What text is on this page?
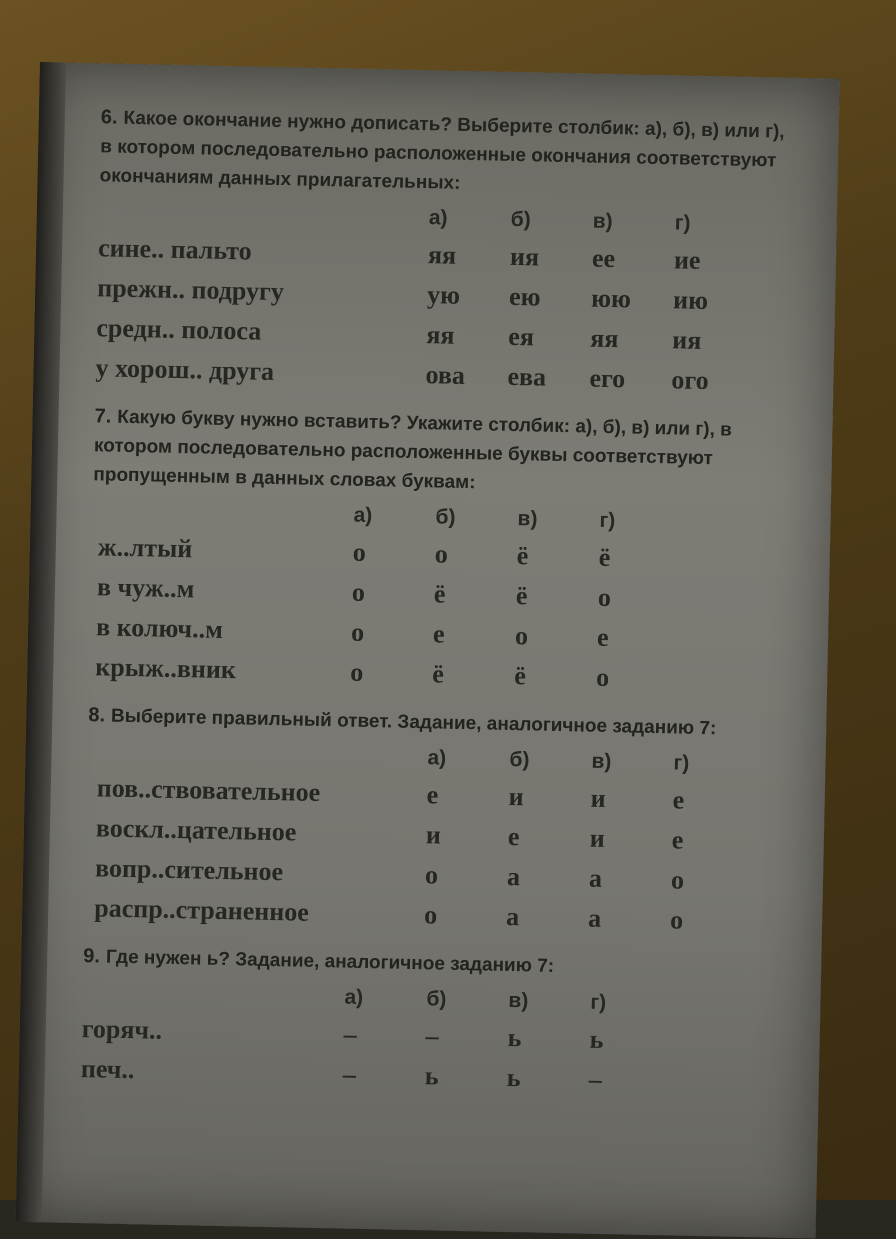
6. Какое окончание нужно дописать? Выберите столбик: а), б), в) или г), в котором последовательно расположенные окончания соответствуют окончаниям данных прилагательных:
	а)	б)	в)	г)
сине.. пальто	яя	ия	ее	ие
прежн.. подругу	ую	ею	юю	ию
средн.. полоса	яя	ея	яя	ия
у хорош.. друга	ова	ева	его	ого
7. Какую букву нужно вставить? Укажите столбик: а), б), в) или г), в котором последовательно расположенные буквы соответствуют пропущенным в данных словах буквам:
	а)	б)	в)	г)
ж..лтый	о	о	ё	ё
в чуж..м	о	ё	ё	о
в колюч..м	о	е	о	е
крыж..вник	о	ё	ё	о
8. Выберите правильный ответ. Задание, аналогичное заданию 7:
	а)	б)	в)	г)
пов..ствовательное	е	и	и	е
воскл..цательное	и	е	и	е
вопр..сительное	о	а	а	о
распр..страненное	о	а	а	о
9. Где нужен ь? Задание, аналогичное заданию 7:
	а)	б)	в)	г)
горяч..	–	–	ь	ь
печ..	–	ь	ь	–
